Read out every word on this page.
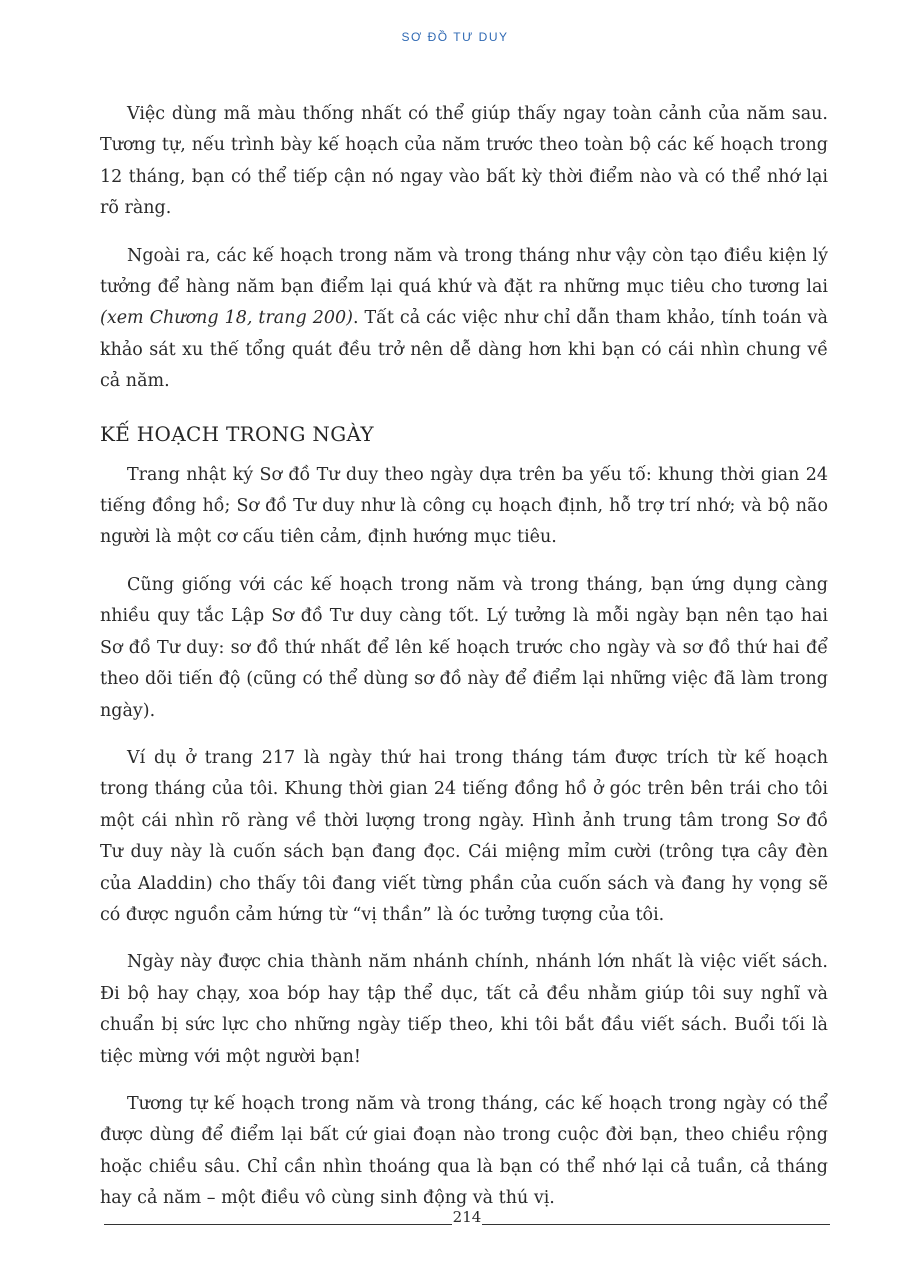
SƠ ĐỒ TƯ DUY

Việc dùng mã màu thống nhất có thể giúp thấy ngay toàn cảnh của năm sau. Tương tự, nếu trình bày kế hoạch của năm trước theo toàn bộ các kế hoạch trong 12 tháng, bạn có thể tiếp cận nó ngay vào bất kỳ thời điểm nào và có thể nhớ lại rõ ràng.

Ngoài ra, các kế hoạch trong năm và trong tháng như vậy còn tạo điều kiện lý tưởng để hàng năm bạn điểm lại quá khứ và đặt ra những mục tiêu cho tương lai (xem Chương 18, trang 200). Tất cả các việc như chỉ dẫn tham khảo, tính toán và khảo sát xu thế tổng quát đều trở nên dễ dàng hơn khi bạn có cái nhìn chung về cả năm.

KẾ HOẠCH TRONG NGÀY

Trang nhật ký Sơ đồ Tư duy theo ngày dựa trên ba yếu tố: khung thời gian 24 tiếng đồng hồ; Sơ đồ Tư duy như là công cụ hoạch định, hỗ trợ trí nhớ; và bộ não người là một cơ cấu tiên cảm, định hướng mục tiêu.

Cũng giống với các kế hoạch trong năm và trong tháng, bạn ứng dụng càng nhiều quy tắc Lập Sơ đồ Tư duy càng tốt. Lý tưởng là mỗi ngày bạn nên tạo hai Sơ đồ Tư duy: sơ đồ thứ nhất để lên kế hoạch trước cho ngày và sơ đồ thứ hai để theo dõi tiến độ (cũng có thể dùng sơ đồ này để điểm lại những việc đã làm trong ngày).

Ví dụ ở trang 217 là ngày thứ hai trong tháng tám được trích từ kế hoạch trong tháng của tôi. Khung thời gian 24 tiếng đồng hồ ở góc trên bên trái cho tôi một cái nhìn rõ ràng về thời lượng trong ngày. Hình ảnh trung tâm trong Sơ đồ Tư duy này là cuốn sách bạn đang đọc. Cái miệng mỉm cười (trông tựa cây đèn của Aladdin) cho thấy tôi đang viết từng phần của cuốn sách và đang hy vọng sẽ có được nguồn cảm hứng từ “vị thần” là óc tưởng tượng của tôi.

Ngày này được chia thành năm nhánh chính, nhánh lớn nhất là việc viết sách. Đi bộ hay chạy, xoa bóp hay tập thể dục, tất cả đều nhằm giúp tôi suy nghĩ và chuẩn bị sức lực cho những ngày tiếp theo, khi tôi bắt đầu viết sách. Buổi tối là tiệc mừng với một người bạn!

Tương tự kế hoạch trong năm và trong tháng, các kế hoạch trong ngày có thể được dùng để điểm lại bất cứ giai đoạn nào trong cuộc đời bạn, theo chiều rộng hoặc chiều sâu. Chỉ cần nhìn thoáng qua là bạn có thể nhớ lại cả tuần, cả tháng hay cả năm – một điều vô cùng sinh động và thú vị.

214
